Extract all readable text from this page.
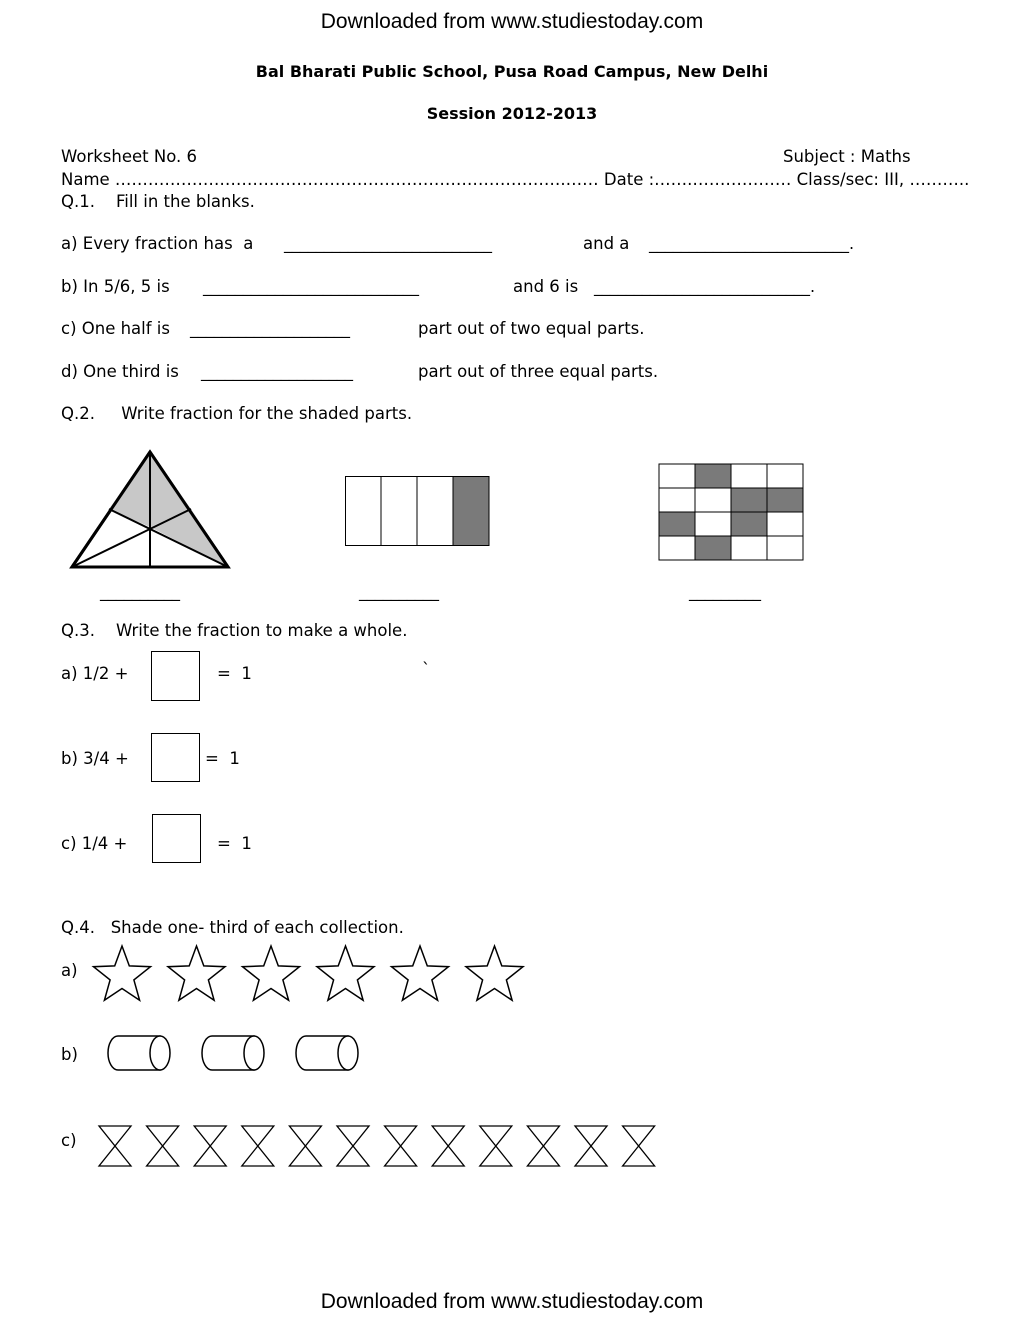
Downloaded from www.studiestoday.com
Bal Bharati Public School, Pusa Road Campus, New Delhi
Session 2012-2013
Worksheet No. 6	Subject : Maths
Name ……………………………………………………………………….…… Date :…….……………… Class/sec: III, ………..
Q.1.    Fill in the blanks.
a) Every fraction has  a __________________________	and a _________________________.
b) In 5/6, 5 is ___________________________	and 6 is ___________________________.
c) One half is ____________________	part out of two equal parts.
d) One third is ___________________	part out of three equal parts.
Q.2.     Write fraction for the shaded parts.
__________	__________	_________
Q.3.    Write the fraction to make a whole.
`
a) 1/2 +	=  1
b) 3/4 +	=  1
c) 1/4 +	=  1
Q.4.   Shade one- third of each collection.
a)
b)
c)
Downloaded from www.studiestoday.com
